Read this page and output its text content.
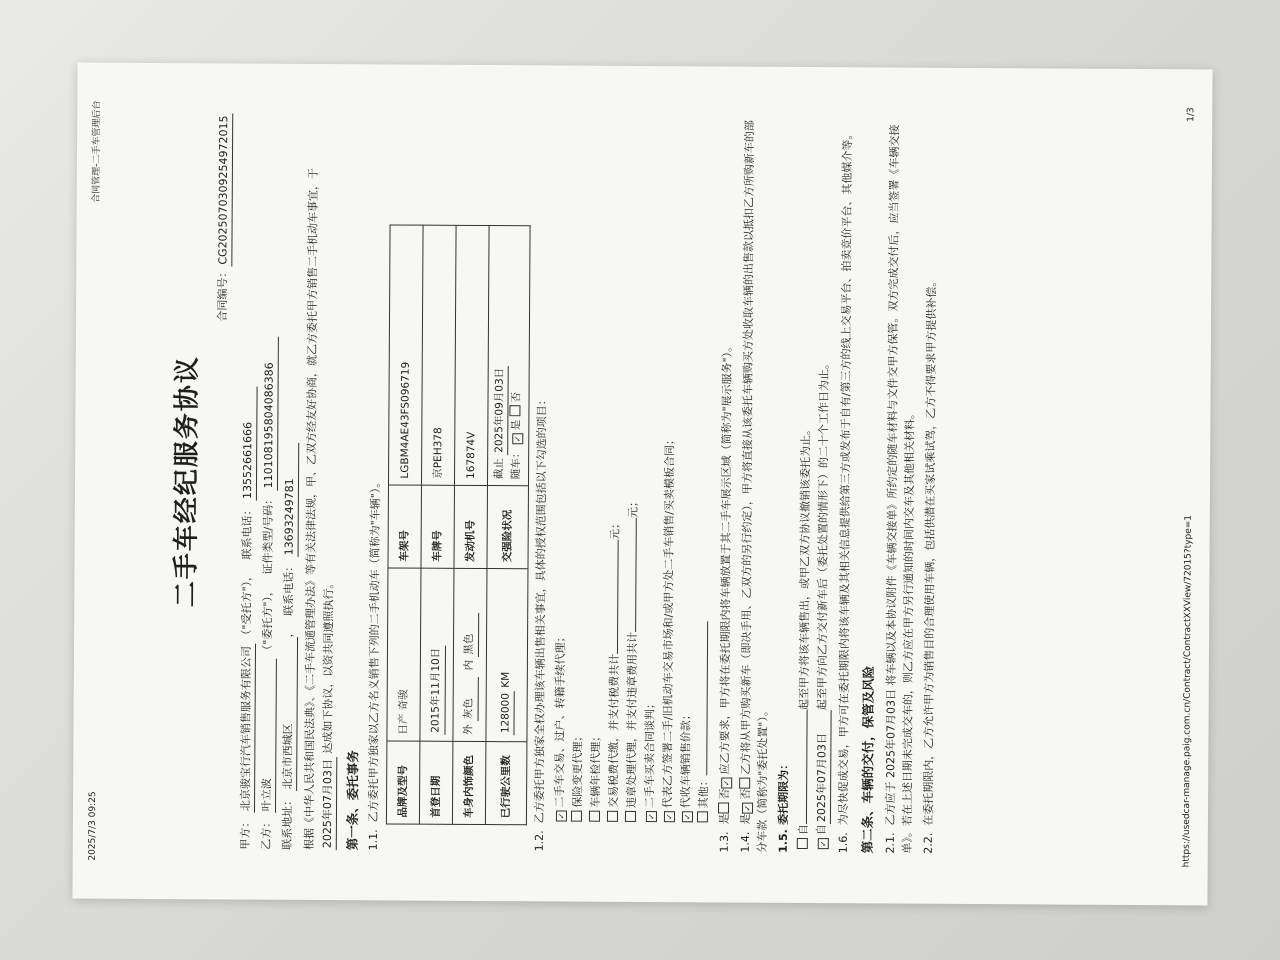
2025/7/3 09:25
合同管理-二手车管理后台
二手车经纪服务协议
合同编号：CG20250703092549720​15
甲方： 北京骏宝行汽车销售服务有限公司 （"受托方"），   联系电话： 13552661666
乙方： 叶立波 （"委托方"），   证件类型/号码： 110108195804086386
联系地址： 北京市西城区，   联系电话： 13693249781 根据《中华人民共和国民法典》、《二手车流通管理办法》等有关法律法规，甲、乙双方经友好协商，就乙方委托甲方销售二手机动车事宜，于 2025年07月03日 达成如下协议，以资共同遵照执行。
第一条、委托事务 1.1.乙方委托甲方独家以乙方名义销售下列的二手机动车（简称为"车辆"）。	品牌及型号	日产 奇骏	车架号	LGBM4AE43FS096719
首登日期	2015年11月10日	车牌号	京PEH378
车身内饰颜色	外 灰色  内 黑色	发动机号	167874V
已行驶公里数	128000 KM	交强险状况	截止 2025年09月03日
随车： ✓是 否
1.2.乙方委托甲方独家全权办理该车辆出售相关事宜，具体的授权范围包括以下勾选的项目：	✓二手车交易、过户、转籍手续代理； 保险变更代理； 车辆年检代理； 交易税费代缴，并支付税费共计元；
违章处理代理，并支付违章费用共计元；
✓二手车买卖合同谈判；
✓代表乙方签署二手/旧机动车交易市场和/或甲方处二手车销售/买卖模板合同；
✓代收车辆销售价款； 其他：
1.3.是否✓应乙方要求，甲方将在委托期限内将车辆放置于其二手车展示区域（简称为"展示服务"）。
1.4.是✓否乙方将从甲方购买新车（即决手用、乙双方的另行约定），甲方将直接从该委托车辆购买方处收取车辆的出售款以抵扣乙方所购新车的部分车款（简称为"委托处置"）。 1.5.委托期限为：
自起至甲方将该车辆售出，或甲乙双方协议撤销该委托为止。
✓自2025年07月03日起至甲方向乙方交付新车后（委托处置的情形下）的二十个工作日为止。
1.6.为尽快促成交易，甲方可在委托期限内将该车辆及其相关信息提供给第三方或发布于自有/第三方的线上交易平台、拍卖竞价平台、其他媒介等。 第二条、车辆的交付，保管及风险 2.1.乙方应于 2025年07月03日 将车辆以及本协议附件《车辆交接单》所约定的随车材料与文件交甲方保管。双方完成交付后，应当签署《车辆交接单》。若在上述日期未完成交车的，则乙方应在甲方另行通知的时间内交车及其他相关材料。 2.2.在委托期限内，乙方允许甲方为销售目的合理使用车辆，包括供潜在买家试乘试驾，乙方不得要求甲方提供补偿。	https://usedcar-manage.paig.com.cn/Contract/ContractXXView/72015?type=1
1/3
